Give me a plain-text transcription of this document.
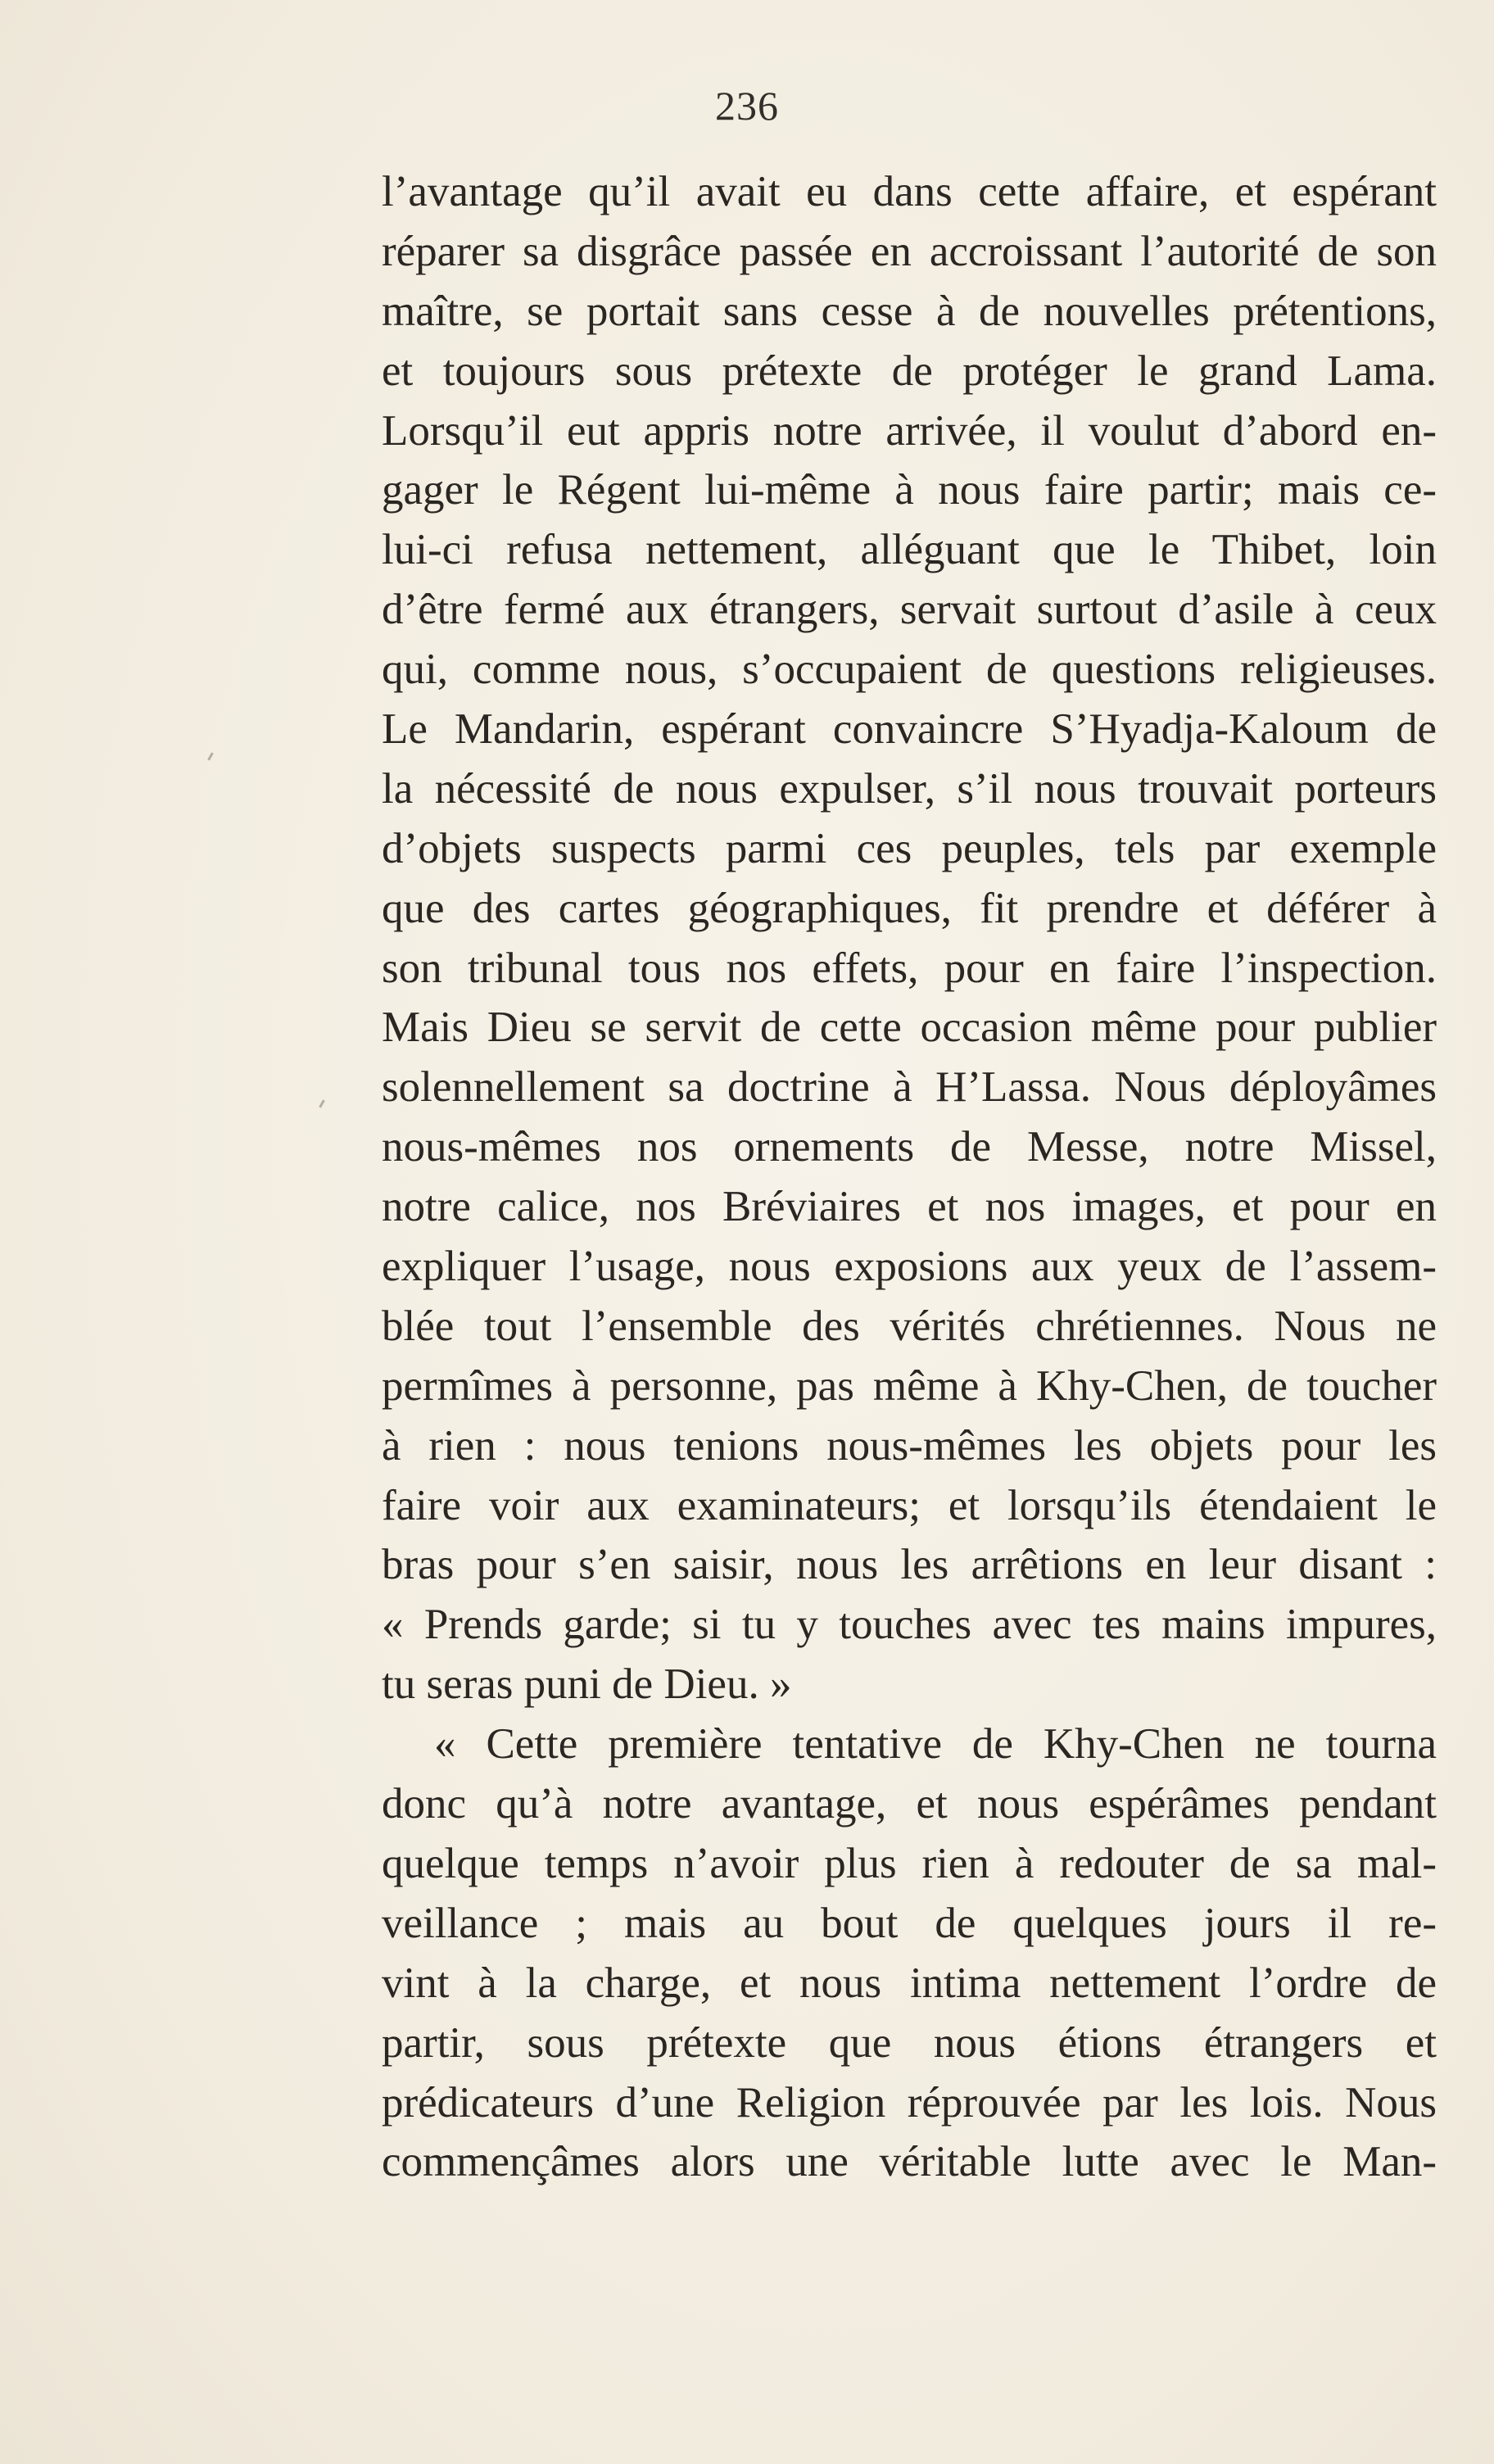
236
l’avantage qu’il avait eu dans cette affaire, et espérant
réparer sa disgrâce passée en accroissant l’autorité de son
maître, se portait sans cesse à de nouvelles prétentions,
et toujours sous prétexte de protéger le grand Lama.
Lorsqu’il eut appris notre arrivée, il voulut d’abord en-
gager le Régent lui-même à nous faire partir; mais ce-
lui-ci refusa nettement, alléguant que le Thibet, loin
d’être fermé aux étrangers, servait surtout d’asile à ceux
qui, comme nous, s’occupaient de questions religieuses.
Le Mandarin, espérant convaincre S’Hyadja-Kaloum de
la nécessité de nous expulser, s’il nous trouvait porteurs
d’objets suspects parmi ces peuples, tels par exemple
que des cartes géographiques, fit prendre et déférer à
son tribunal tous nos effets, pour en faire l’inspection.
Mais Dieu se servit de cette occasion même pour publier
solennellement sa doctrine à H’Lassa. Nous déployâmes
nous-mêmes nos ornements de Messe, notre Missel,
notre calice, nos Bréviaires et nos images, et pour en
expliquer l’usage, nous exposions aux yeux de l’assem-
blée tout l’ensemble des vérités chrétiennes. Nous ne
permîmes à personne, pas même à Khy-Chen, de toucher
à rien : nous tenions nous-mêmes les objets pour les
faire voir aux examinateurs; et lorsqu’ils étendaient le
bras pour s’en saisir, nous les arrêtions en leur disant :
« Prends garde; si tu y touches avec tes mains impures,
tu seras puni de Dieu. »
« Cette première tentative de Khy-Chen ne tourna
donc qu’à notre avantage, et nous espérâmes pendant
quelque temps n’avoir plus rien à redouter de sa mal-
veillance ; mais au bout de quelques jours il re-
vint à la charge, et nous intima nettement l’ordre de
partir, sous prétexte que nous étions étrangers et
prédicateurs d’une Religion réprouvée par les lois. Nous
commençâmes alors une véritable lutte avec le Man-
